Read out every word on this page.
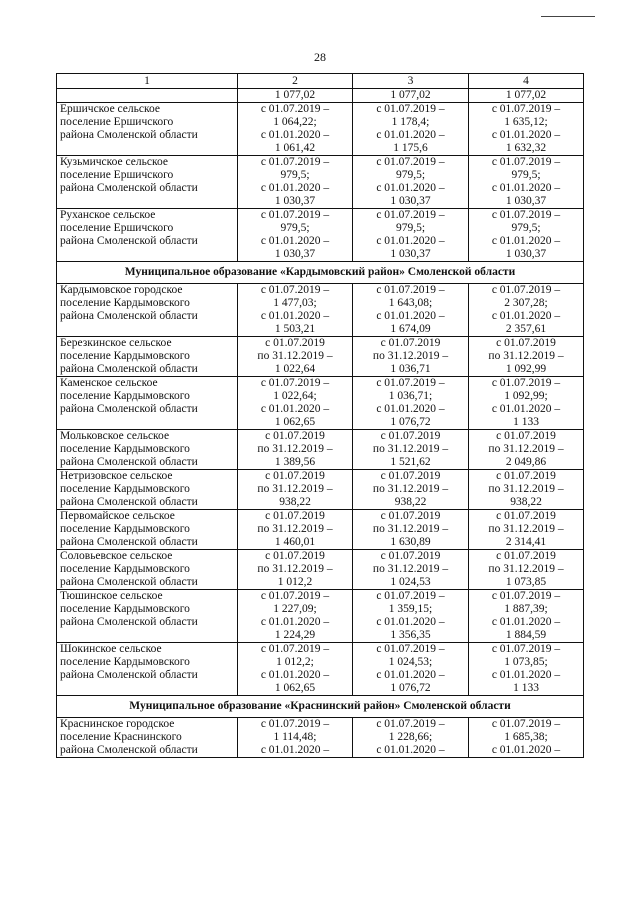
28
1	2	3	4
	1 077,02	1 077,02	1 077,02

Ершичское сельское
поселение Ершичского
района Смоленской области	с 01.07.2019 –
1 064,22;
с 01.01.2020 –
1 061,42	с 01.07.2019 –
1 178,4;
с 01.01.2020 –
1 175,6	с 01.07.2019 –
1 635,12;
с 01.01.2020 –
1 632,32

Кузьмичское сельское
поселение Ершичского
района Смоленской области	с 01.07.2019 –
979,5;
с 01.01.2020 –
1 030,37	с 01.07.2019 –
979,5;
с 01.01.2020 –
1 030,37	с 01.07.2019 –
979,5;
с 01.01.2020 –
1 030,37

Руханское сельское
поселение Ершичского
района Смоленской области	с 01.07.2019 –
979,5;
с 01.01.2020 –
1 030,37	с 01.07.2019 –
979,5;
с 01.01.2020 –
1 030,37	с 01.07.2019 –
979,5;
с 01.01.2020 –
1 030,37

Муниципальное образование «Кардымовский район» Смоленской области			

Кардымовское городское
поселение Кардымовского
района Смоленской области	с 01.07.2019 –
1 477,03;
с 01.01.2020 –
1 503,21	с 01.07.2019 –
1 643,08;
с 01.01.2020 –
1 674,09	с 01.07.2019 –
2 307,28;
с 01.01.2020 –
2 357,61

Березкинское сельское
поселение Кардымовского
района Смоленской области	с 01.07.2019
по 31.12.2019 –
1 022,64	с 01.07.2019
по 31.12.2019 –
1 036,71	с 01.07.2019
по 31.12.2019 –
1 092,99

Каменское сельское
поселение Кардымовского
района Смоленской области	с 01.07.2019 –
1 022,64;
с 01.01.2020 –
1 062,65	с 01.07.2019 –
1 036,71;
с 01.01.2020 –
1 076,72	с 01.07.2019 –
1 092,99;
с 01.01.2020 –
1 133

Мольковское сельское
поселение Кардымовского
района Смоленской области	с 01.07.2019
по 31.12.2019 –
1 389,56	с 01.07.2019
по 31.12.2019 –
1 521,62	с 01.07.2019
по 31.12.2019 –
2 049,86

Нетризовское сельское
поселение Кардымовского
района Смоленской области	с 01.07.2019
по 31.12.2019 –
938,22	с 01.07.2019
по 31.12.2019 –
938,22	с 01.07.2019
по 31.12.2019 –
938,22

Первомайское сельское
поселение Кардымовского
района Смоленской области	с 01.07.2019
по 31.12.2019 –
1 460,01	с 01.07.2019
по 31.12.2019 –
1 630,89	с 01.07.2019
по 31.12.2019 –
2 314,41

Соловьевское сельское
поселение Кардымовского
района Смоленской области	с 01.07.2019
по 31.12.2019 –
1 012,2	с 01.07.2019
по 31.12.2019 –
1 024,53	с 01.07.2019
по 31.12.2019 –
1 073,85

Тюшинское сельское
поселение Кардымовского
района Смоленской области	с 01.07.2019 –
1 227,09;
с 01.01.2020 –
1 224,29	с 01.07.2019 –
1 359,15;
с 01.01.2020 –
1 356,35	с 01.07.2019 –
1 887,39;
с 01.01.2020 –
1 884,59

Шокинское сельское
поселение Кардымовского
района Смоленской области	с 01.07.2019 –
1 012,2;
с 01.01.2020 –
1 062,65	с 01.07.2019 –
1 024,53;
с 01.01.2020 –
1 076,72	с 01.07.2019 –
1 073,85;
с 01.01.2020 –
1 133

Муниципальное образование «Краснинский район» Смоленской области			

Краснинское городское
поселение Краснинского
района Смоленской области	с 01.07.2019 –
1 114,48;
с 01.01.2020 –	с 01.07.2019 –
1 228,66;
с 01.01.2020 –	с 01.07.2019 –
1 685,38;
с 01.01.2020 –
